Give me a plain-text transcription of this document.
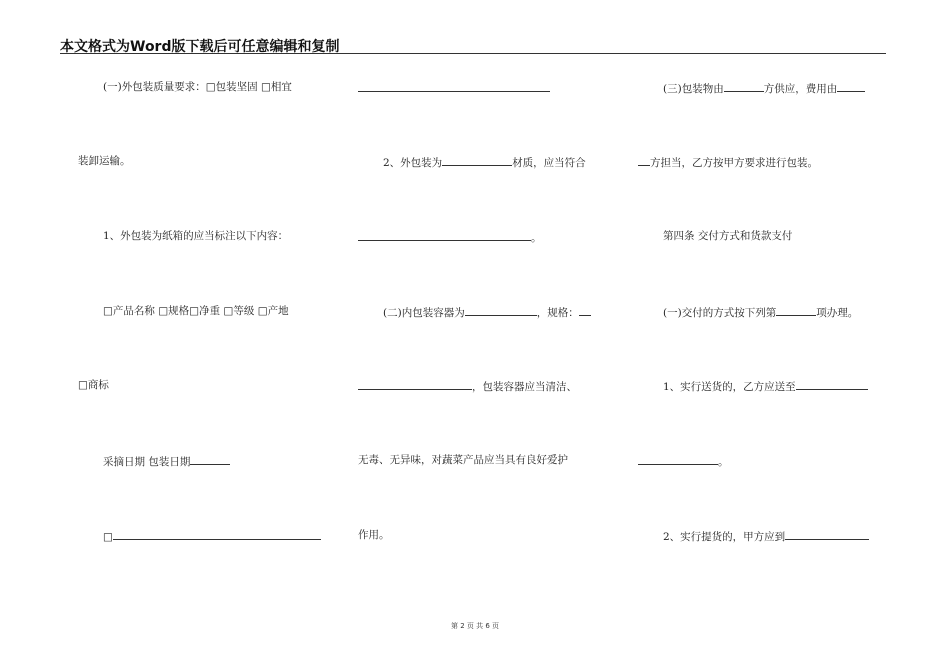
本文格式为Word版下载后可任意编辑和复制
(一)外包装质量要求：□包装坚固 □相宜
装卸运输。
1、外包装为纸箱的应当标注以下内容：
□产品名称 □规格□净重 □等级 □产地
□商标
采摘日期 包装日期
□
2、外包装为	材质，应当符合
。
(二)内包装容器为	，规格：
，包装容器应当清洁、
无毒、无异味，对蔬菜产品应当具有良好爱护
作用。
(三)包装物由	方供应，费用由
方担当，乙方按甲方要求进行包装。
第四条 交付方式和货款支付
(一)交付的方式按下列第	项办理。
1、实行送货的，乙方应送至
。
2、实行提货的，甲方应到
第 2 页 共 6 页
